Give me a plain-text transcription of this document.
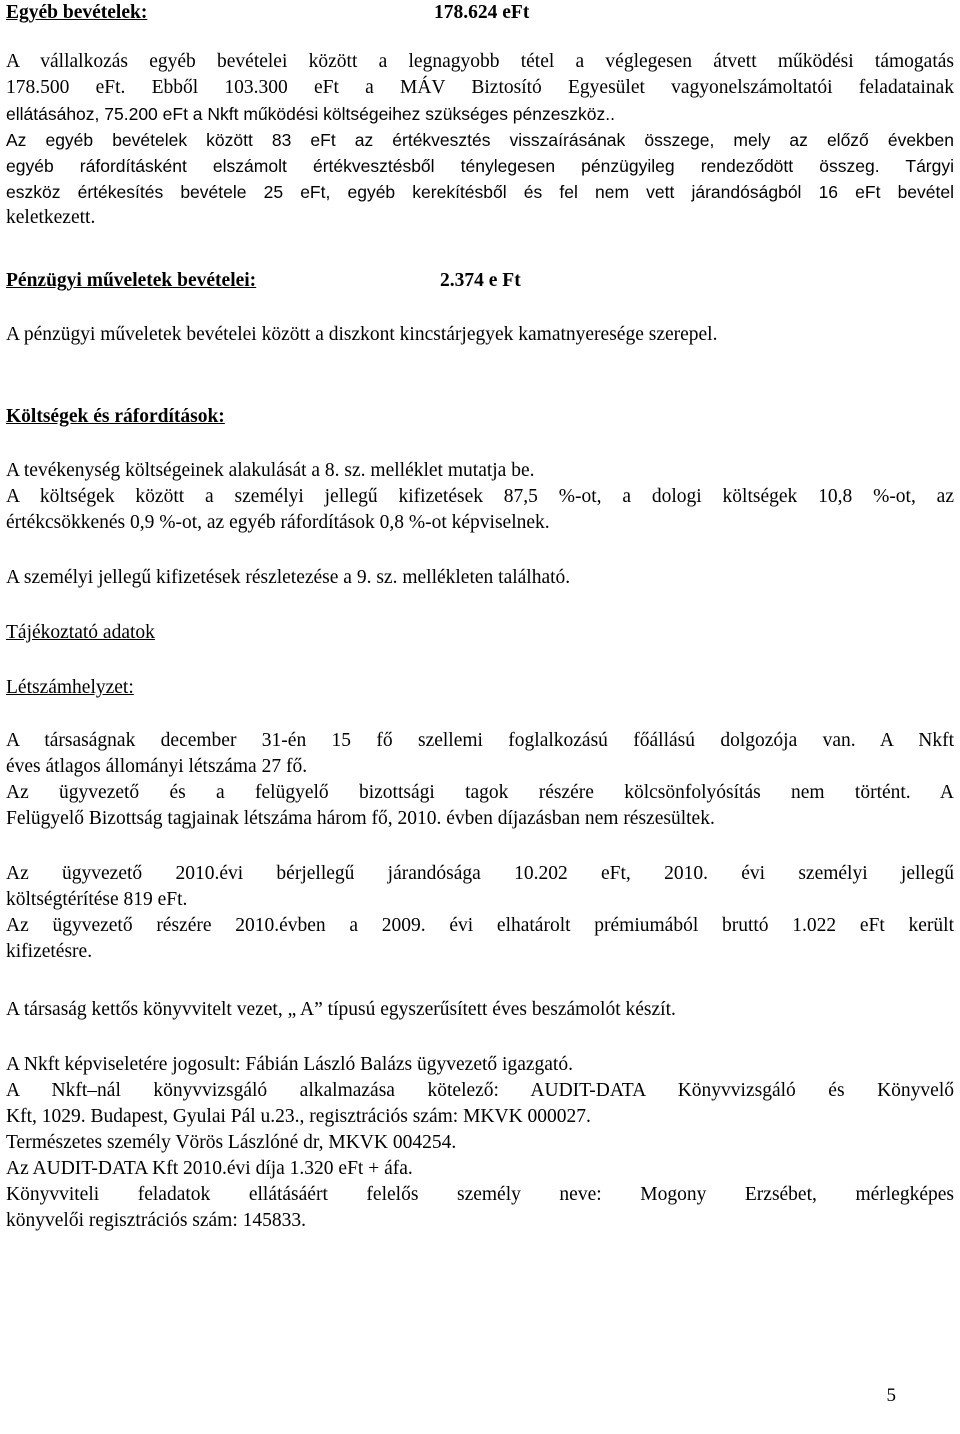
Egyéb bevételek:	178.624 eFt
A vállalkozás egyéb bevételei között a legnagyobb tétel a véglegesen átvett működési támogatás
178.500 eFt. Ebből 103.300 eFt a MÁV Biztosító Egyesület vagyonelszámoltatói feladatainak
ellátásához, 75.200 eFt a Nkft működési költségeihez szükséges pénzeszköz..
Az egyéb bevételek között 83 eFt az értékvesztés visszaírásának összege, mely az előző években
egyéb ráfordításként elszámolt értékvesztésből ténylegesen pénzügyileg rendeződött összeg. Tárgyi
eszköz értékesítés bevétele 25 eFt, egyéb kerekítésből és fel nem vett járandóságból 16 eFt bevétel
keletkezett.
Pénzügyi műveletek bevételei:	2.374 e Ft
A pénzügyi műveletek bevételei között a diszkont kincstárjegyek kamatnyeresége szerepel.
Költségek és ráfordítások:
A tevékenység költségeinek alakulását a 8. sz. melléklet mutatja be.
A költségek között a személyi jellegű kifizetések 87,5 %-ot, a dologi költségek 10,8 %-ot, az
értékcsökkenés 0,9 %-ot, az egyéb ráfordítások 0,8 %-ot képviselnek.
A személyi jellegű kifizetések részletezése a 9. sz. mellékleten található.
Tájékoztató adatok
Létszámhelyzet:
A társaságnak december 31-én 15 fő szellemi foglalkozású főállású dolgozója van. A Nkft
éves átlagos állományi létszáma 27 fő.
Az ügyvezető és a felügyelő bizottsági tagok részére kölcsönfolyósítás nem történt. A
Felügyelő Bizottság tagjainak létszáma három fő, 2010. évben díjazásban nem részesültek.
Az ügyvezető 2010.évi bérjellegű járandósága 10.202 eFt, 2010. évi személyi jellegű
költségtérítése 819 eFt.
Az ügyvezető részére 2010.évben a 2009. évi elhatárolt prémiumából bruttó 1.022 eFt került
kifizetésre.
A társaság kettős könyvvitelt vezet, „ A” típusú egyszerűsített éves beszámolót készít.
A Nkft képviseletére jogosult: Fábián László Balázs ügyvezető igazgató.
A Nkft–nál könyvvizsgáló alkalmazása kötelező: AUDIT-DATA Könyvvizsgáló és Könyvelő
Kft, 1029. Budapest, Gyulai Pál u.23., regisztrációs szám: MKVK 000027.
Természetes személy Vörös Lászlóné dr, MKVK 004254.
Az AUDIT-DATA Kft 2010.évi díja 1.320 eFt + áfa.
Könyvviteli feladatok ellátásáért felelős személy neve: Mogony Erzsébet, mérlegképes
könyvelői regisztrációs szám: 145833.
5
